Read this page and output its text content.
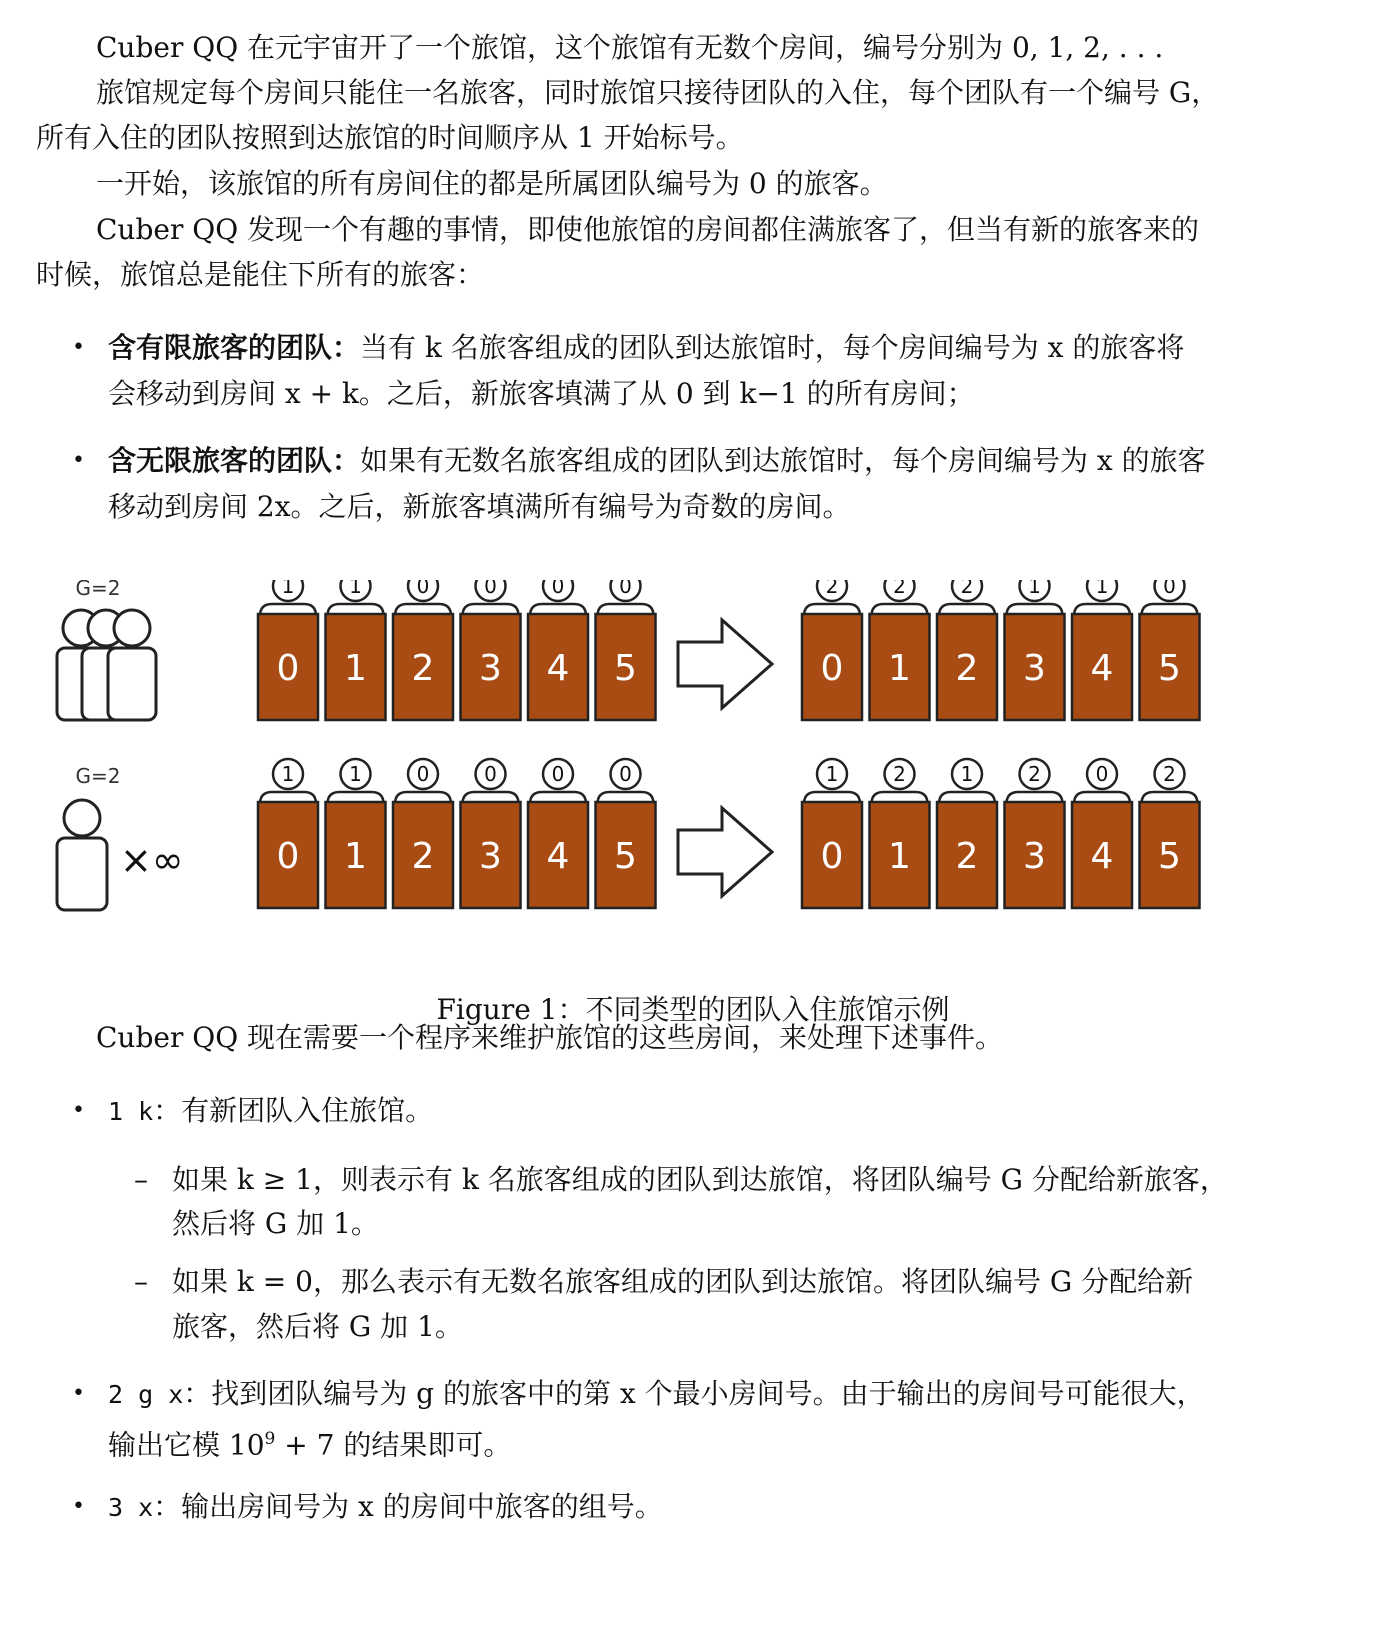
Cuber QQ 在元宇宙开了一个旅馆，这个旅馆有无数个房间，编号分别为 0, 1, 2, . . .
旅馆规定每个房间只能住一名旅客，同时旅馆只接待团队的入住，每个团队有一个编号 G，
所有入住的团队按照到达旅馆的时间顺序从 1 开始标号。
一开始，该旅馆的所有房间住的都是所属团队编号为 0 的旅客。
Cuber QQ 发现一个有趣的事情，即使他旅馆的房间都住满旅客了，但当有新的旅客来的
时候，旅馆总是能住下所有的旅客：
• 含有限旅客的团队：当有 k 名旅客组成的团队到达旅馆时，每个房间编号为 x 的旅客将
会移动到房间 x + k。之后，新旅客填满了从 0 到 k−1 的所有房间；
• 含无限旅客的团队：如果有无数名旅客组成的团队到达旅馆时，每个房间编号为 x 的旅客
移动到房间 2x。之后，新旅客填满所有编号为奇数的房间。
G=2	1
0
1
1
0
2
0
3
0
4
0
5
2
0
2
1
2
2
1
3
1
4
0
5
G=2
×∞
1
0
1
1
0
2
0
3
0
4
0
5
1
0
2
1
1
2
2
3
0
4
2
5
Figure 1：不同类型的团队入住旅馆示例
Cuber QQ 现在需要一个程序来维护旅馆的这些房间，来处理下述事件。
• 1 k：有新团队入住旅馆。
– 如果 k ≥ 1，则表示有 k 名旅客组成的团队到达旅馆，将团队编号 G 分配给新旅客，
然后将 G 加 1。
– 如果 k = 0，那么表示有无数名旅客组成的团队到达旅馆。将团队编号 G 分配给新
旅客，然后将 G 加 1。
• 2 g x：找到团队编号为 g 的旅客中的第 x 个最小房间号。由于输出的房间号可能很大，
输出它模 $10^9 + 7$ 的结果即可。
• 3 x：输出房间号为 x 的房间中旅客的组号。
